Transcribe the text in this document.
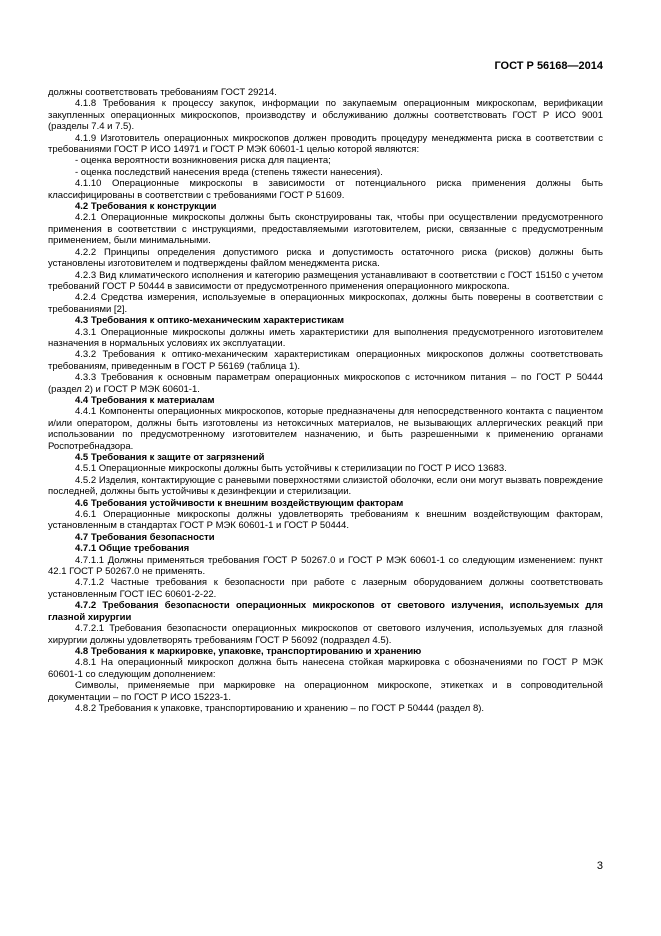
ГОСТ Р 56168—2014

должны соответствовать требованиям ГОСТ 29214.

4.1.8 Требования к процессу закупок, информации по закупаемым операционным микроскопам, верификации закупленных операционных микроскопов, производству и обслуживанию должны соответствовать ГОСТ Р ИСО 9001 (разделы 7.4 и 7.5).

4.1.9 Изготовитель операционных микроскопов должен проводить процедуру менеджмента риска в соответствии с требованиями ГОСТ Р ИСО 14971 и ГОСТ Р МЭК 60601-1 целью которой являются:

- оценка вероятности возникновения риска для пациента;

- оценка последствий нанесения вреда (степень тяжести нанесения).

4.1.10 Операционные микроскопы в зависимости от потенциального риска применения должны быть классифицированы в соответствии с требованиями ГОСТ Р 51609.

4.2 Требования к конструкции

4.2.1 Операционные микроскопы должны быть сконструированы так, чтобы при осуществлении предусмотренного применения в соответствии с инструкциями, предоставляемыми изготовителем, риски, связанные с предусмотренным применением, были минимальными.

4.2.2 Принципы определения допустимого риска и допустимость остаточного риска (рисков) должны быть установлены изготовителем и подтверждены файлом менеджмента риска.

4.2.3 Вид климатического исполнения и категорию размещения устанавливают в соответствии с ГОСТ 15150 с учетом требований ГОСТ Р 50444 в зависимости от предусмотренного применения операционного микроскопа.

4.2.4 Средства измерения, используемые в операционных микроскопах, должны быть поверены в соответствии с требованиями [2].

4.3 Требования к оптико-механическим характеристикам

4.3.1 Операционные микроскопы должны иметь характеристики для выполнения предусмотренного изготовителем назначения в нормальных условиях их эксплуатации.

4.3.2 Требования к оптико-механическим характеристикам операционных микроскопов должны соответствовать требованиям, приведенным в ГОСТ Р 56169 (таблица 1).

4.3.3 Требования к основным параметрам операционных микроскопов с источником питания – по ГОСТ Р 50444 (раздел 2) и ГОСТ Р МЭК 60601-1.

4.4 Требования к материалам

4.4.1 Компоненты операционных микроскопов, которые предназначены для непосредственного контакта с пациентом и/или оператором, должны быть изготовлены из нетоксичных материалов, не вызывающих аллергических реакций при использовании по предусмотренному изготовителем назначению, и быть разрешенными к применению органами Роспотребнадзора.

4.5 Требования к защите от загрязнений

4.5.1 Операционные микроскопы должны быть устойчивы к стерилизации по ГОСТ Р ИСО 13683.

4.5.2 Изделия, контактирующие с раневыми поверхностями слизистой оболочки, если они могут вызвать повреждение последней, должны быть устойчивы к дезинфекции и стерилизации.

4.6 Требования устойчивости к внешним воздействующим факторам

4.6.1 Операционные микроскопы должны удовлетворять требованиям к внешним воздействующим факторам, установленным в стандартах ГОСТ Р МЭК 60601-1 и ГОСТ Р 50444.

4.7 Требования безопасности

4.7.1 Общие требования

4.7.1.1 Должны применяться требования ГОСТ Р 50267.0 и ГОСТ Р МЭК 60601-1 со следующим изменением: пункт 42.1 ГОСТ Р 50267.0 не применять.

4.7.1.2 Частные требования к безопасности при работе с лазерным оборудованием должны соответствовать установленным ГОСТ IEC 60601-2-22.

4.7.2 Требования безопасности операционных микроскопов от светового излучения, используемых для глазной хирургии

4.7.2.1 Требования безопасности операционных микроскопов от светового излучения, используемых для глазной хирургии должны удовлетворять требованиям ГОСТ Р 56092 (подраздел 4.5).

4.8 Требования к маркировке, упаковке, транспортированию и хранению

4.8.1 На операционный микроскоп должна быть нанесена стойкая маркировка с обозначениями по ГОСТ Р МЭК 60601-1 со следующим дополнением:

Символы, применяемые при маркировке на операционном микроскопе, этикетках и в сопроводительной документации – по ГОСТ Р ИСО 15223-1.

4.8.2 Требования к упаковке, транспортированию и хранению – по ГОСТ Р 50444 (раздел 8).

3
